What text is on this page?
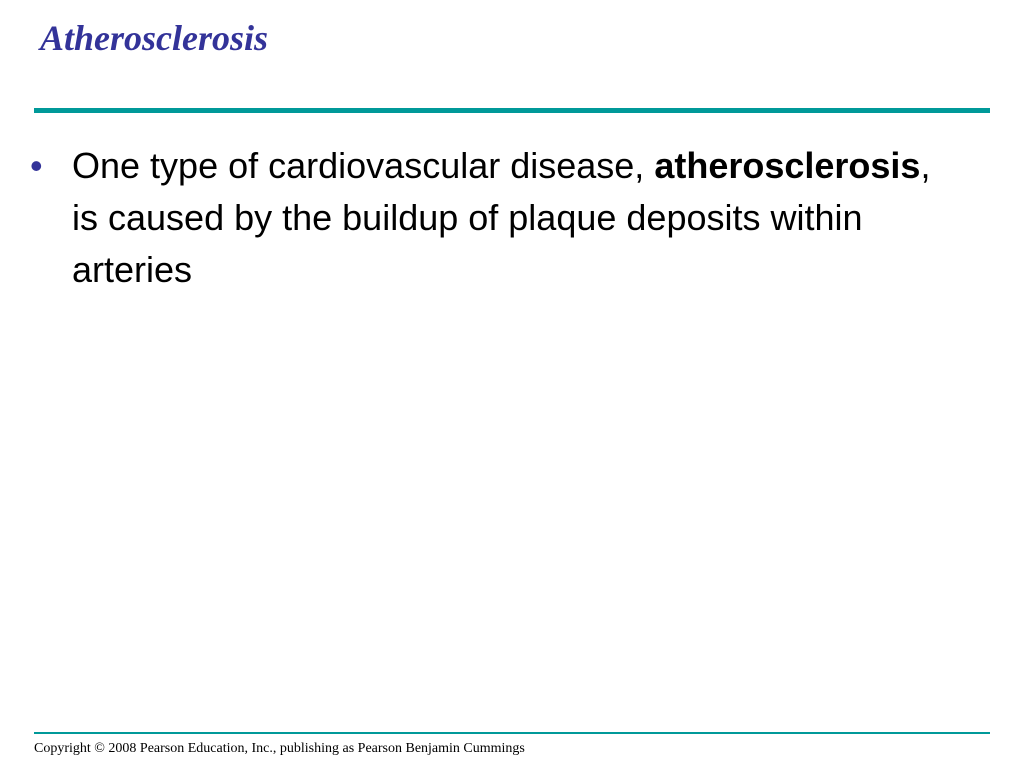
Atherosclerosis
• One type of cardiovascular disease, atherosclerosis, is caused by the buildup of plaque deposits within arteries

Copyright © 2008 Pearson Education, Inc., publishing as Pearson Benjamin Cummings
